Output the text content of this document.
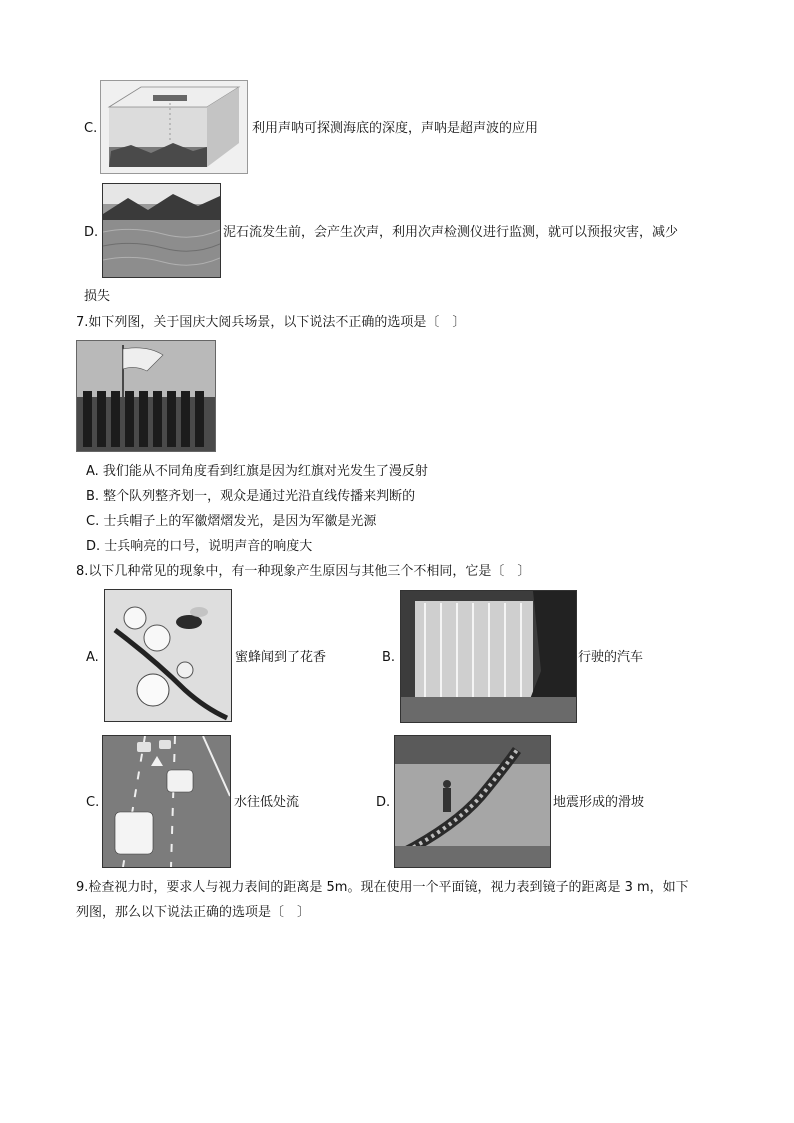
C.	利用声呐可探测海底的深度，声呐是超声波的应用
D.	泥石流发生前，会产生次声，利用次声检测仪进行监测，就可以预报灾害，减少
损失
7.如下列图，关于国庆大阅兵场景，以下说法不正确的选项是〔　〕
A. 我们能从不同角度看到红旗是因为红旗对光发生了漫反射
B. 整个队列整齐划一，观众是通过光沿直线传播来判断的
C. 士兵帽子上的军徽熠熠发光，是因为军徽是光源
D. 士兵响亮的口号，说明声音的响度大
8.以下几种常见的现象中，有一种现象产生原因与其他三个不相同，它是〔　〕
A.	蜜蜂闻到了花香	B.	行驶的汽车
C.	水往低处流	D.	地震形成的滑坡
9.检查视力时，要求人与视力表间的距离是 5m。现在使用一个平面镜，视力表到镜子的距离是 3 m，如下
列图，那么以下说法正确的选项是〔　〕
